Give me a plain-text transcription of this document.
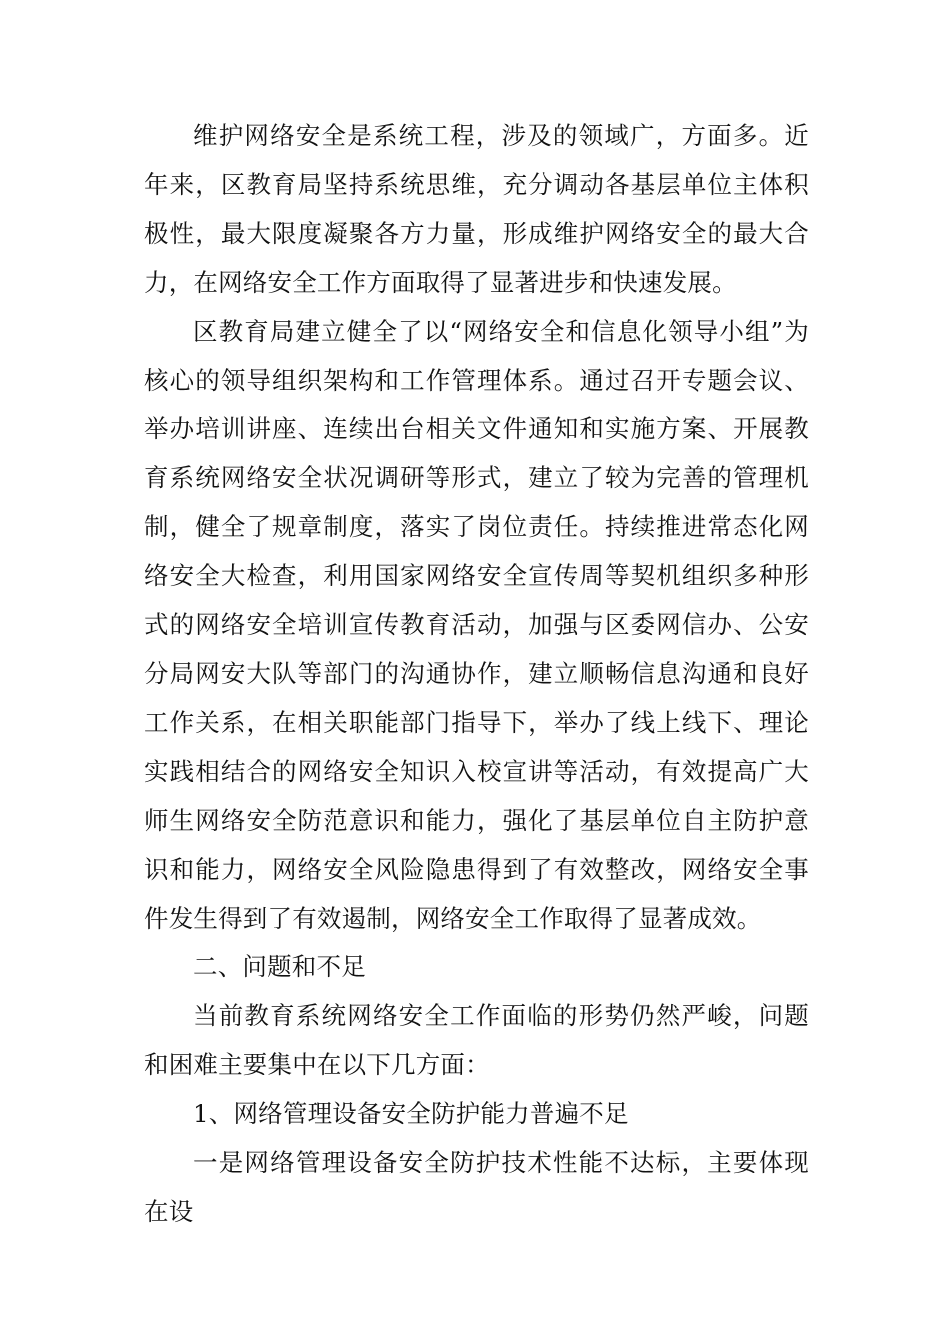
维护网络安全是系统工程，涉及的领域广，方面多。近年来，区教育局坚持系统思维，充分调动各基层单位主体积极性，最大限度凝聚各方力量，形成维护网络安全的最大合力，在网络安全工作方面取得了显著进步和快速发展。

区教育局建立健全了以“网络安全和信息化领导小组”为核心的领导组织架构和工作管理体系。通过召开专题会议、举办培训讲座、连续出台相关文件通知和实施方案、开展教育系统网络安全状况调研等形式，建立了较为完善的管理机制，健全了规章制度，落实了岗位责任。持续推进常态化网络安全大检查，利用国家网络安全宣传周等契机组织多种形式的网络安全培训宣传教育活动，加强与区委网信办、公安分局网安大队等部门的沟通协作，建立顺畅信息沟通和良好工作关系，在相关职能部门指导下，举办了线上线下、理论实践相结合的网络安全知识入校宣讲等活动，有效提高广大师生网络安全防范意识和能力，强化了基层单位自主防护意识和能力，网络安全风险隐患得到了有效整改，网络安全事件发生得到了有效遏制，网络安全工作取得了显著成效。

二、问题和不足

当前教育系统网络安全工作面临的形势仍然严峻，问题和困难主要集中在以下几方面：

1、网络管理设备安全防护能力普遍不足

一是网络管理设备安全防护技术性能不达标，主要体现在设
